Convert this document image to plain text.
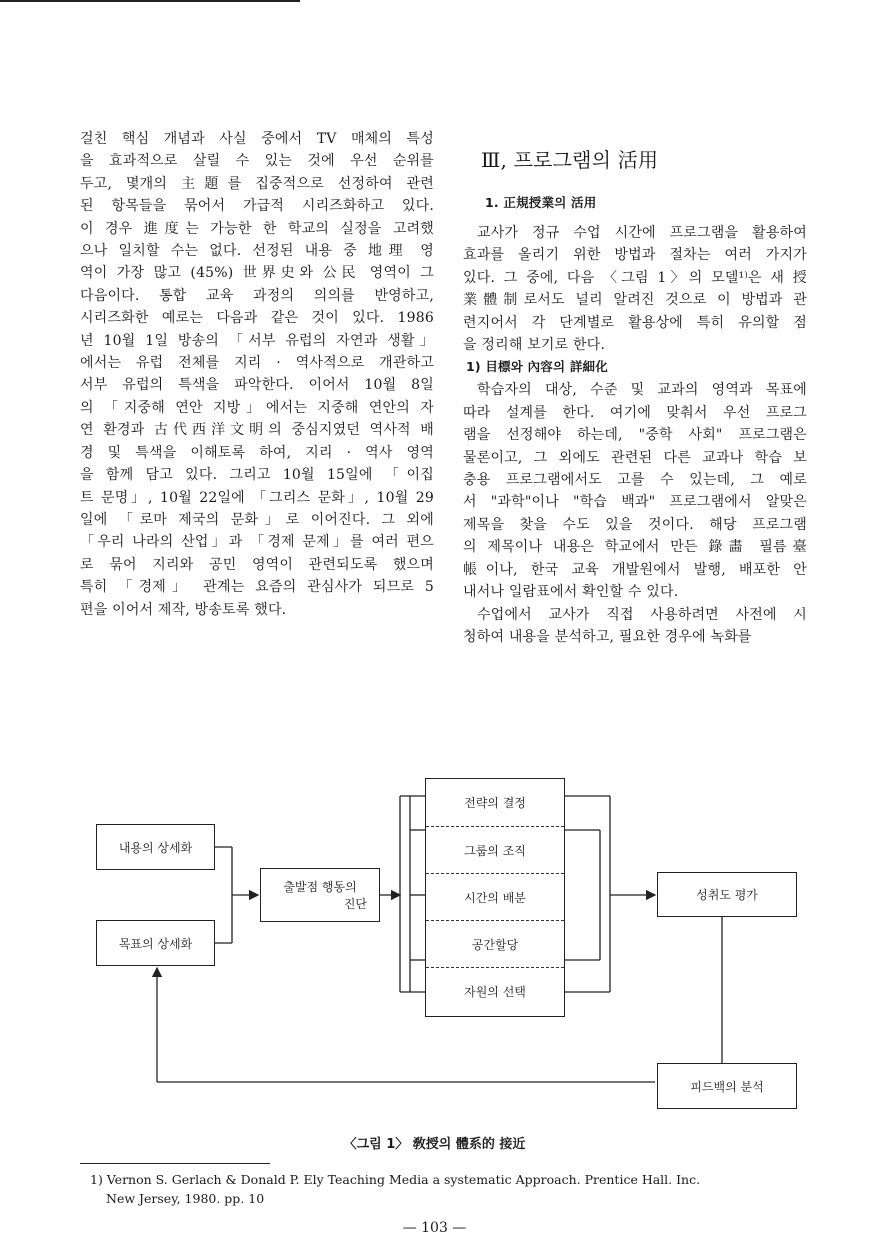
걸친 핵심 개념과 사실 중에서 TV 매체의 특성

을 효과적으로 살릴 수 있는 것에 우선 순위를

두고, 몇개의 主題를 집중적으로 선정하여 관련

된 항목들을 묶어서 가급적 시리즈화하고 있다.

이 경우 進度는 가능한 한 학교의 실정을 고려했

으나 일치할 수는 없다. 선정된 내용 중 地理 영

역이 가장 많고 (45%) 世界史와 公民 영역이 그

다음이다. 통합 교육 과정의 의의를 반영하고,

시리즈화한 예로는 다음과 같은 것이 있다. 1986

년 10월 1일 방송의 「서부 유럽의 자연과 생활」

에서는 유럽 전체를 지리 · 역사적으로 개관하고

서부 유럽의 특색을 파악한다. 이어서 10월 8일

의 「지중해 연안 지방」에서는 지중해 연안의 자

연 환경과 古代西洋文明의 중심지였던 역사적 배

경 및 특색을 이해토록 하여, 지리 · 역사 영역

을 함께 담고 있다. 그리고 10월 15일에 「이집

트 문명」, 10월 22일에 「그리스 문화」, 10월 29

일에 「로마 제국의 문화」로 이어진다. 그 외에

「우리 나라의 산업」과 「경제 문제」를 여러 편으

로 묶어 지리와 공민 영역이 관련되도록 했으며

특히 「경제」 관계는 요즘의 관심사가 되므로 5

편을 이어서 제작, 방송토록 했다.

Ⅲ, 프로그램의 活用
1. 正規授業의 活用

교사가 정규 수업 시간에 프로그램을 활용하여

효과를 올리기 위한 방법과 절차는 여러 가지가

있다. 그 중에, 다음 〈그림 1〉의 모델¹⁾은 새 授

業體制로서도 널리 알려진 것으로 이 방법과 관

련지어서 각 단계별로 활용상에 특히 유의할 점

을 정리해 보기로 한다.

1) 目標와 內容의 詳細化

학습자의 대상, 수준 및 교과의 영역과 목표에

따라 설계를 한다. 여기에 맞춰서 우선 프로그

램을 선정해야 하는데, "중학 사회" 프로그램은

물론이고, 그 외에도 관련된 다른 교과나 학습 보

충용 프로그램에서도 고를 수 있는데, 그 예로

서 "과학"이나 "학습 백과" 프로그램에서 알맞은

제목을 찾을 수도 있을 것이다. 해당 프로그램

의 제목이나 내용은 학교에서 만든 錄畵 필름臺

帳이나, 한국 교육 개발원에서 발행, 배포한 안

내서나 일람표에서 확인할 수 있다.

수업에서 교사가 직접 사용하려면 사전에 시

청하여 내용을 분석하고, 필요한 경우에 녹화를

내용의 상세화
목표의 상세화
출발점 행동의
진단
전략의 결정
그룹의 조직
시간의 배분
공간할당
자원의 선택
성취도 평가
피드백의 분석
〈그림 1〉 敎授의 體系的 接近
1) Vernon S. Gerlach & Donald P. Ely Teaching Media a systematic Approach. Prentice Hall. Inc.
New Jersey, 1980. pp. 10
— 103 —
